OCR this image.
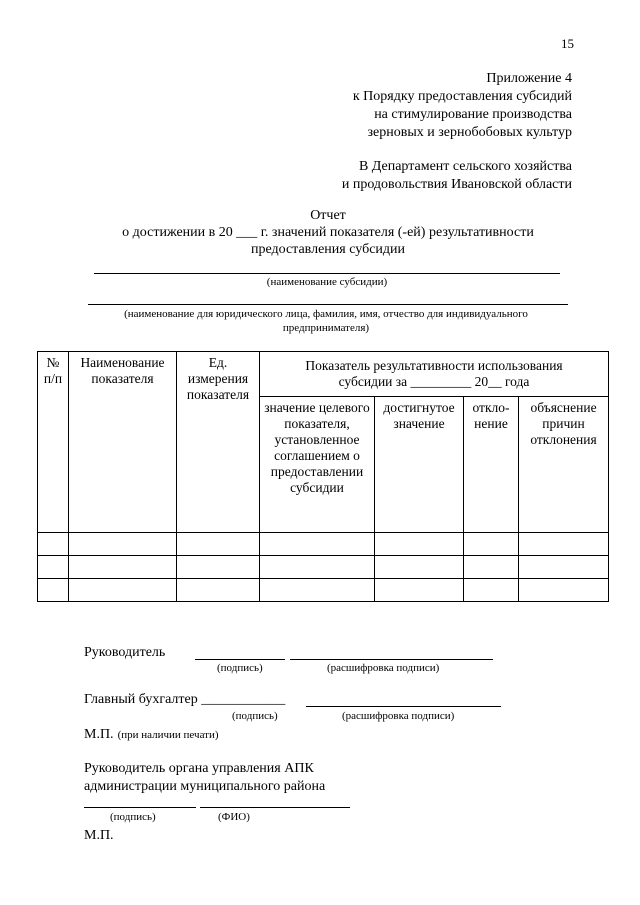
15
Приложение 4
к Порядку предоставления субсидий
на стимулирование производства
зерновых и зернобобовых культур
В Департамент сельского хозяйства
и продовольствия Ивановской области
Отчет
о достижении в 20 ___ г. значений показателя (-ей) результативности
предоставления субсидии
(наименование субсидии)
(наименование для юридического лица, фамилия, имя, отчество для индивидуального предпринимателя)
№ п/п	Наименование показателя	Ед. измерения показателя	Показатель результативности использования субсидии за _________ 20__ года			
			значение целевого показателя, установленное соглашением о предоставлении субсидии	достигнутое значение	откло-нение	объяснение причин отклонения

Руководитель
(подпись)	(расшифровка подписи)
Главный бухгалтер ____________
(подпись)	(расшифровка подписи)
М.П. (при наличии печати)
Руководитель органа управления АПК
администрации муниципального района
(подпись)	(ФИО)
М.П.
